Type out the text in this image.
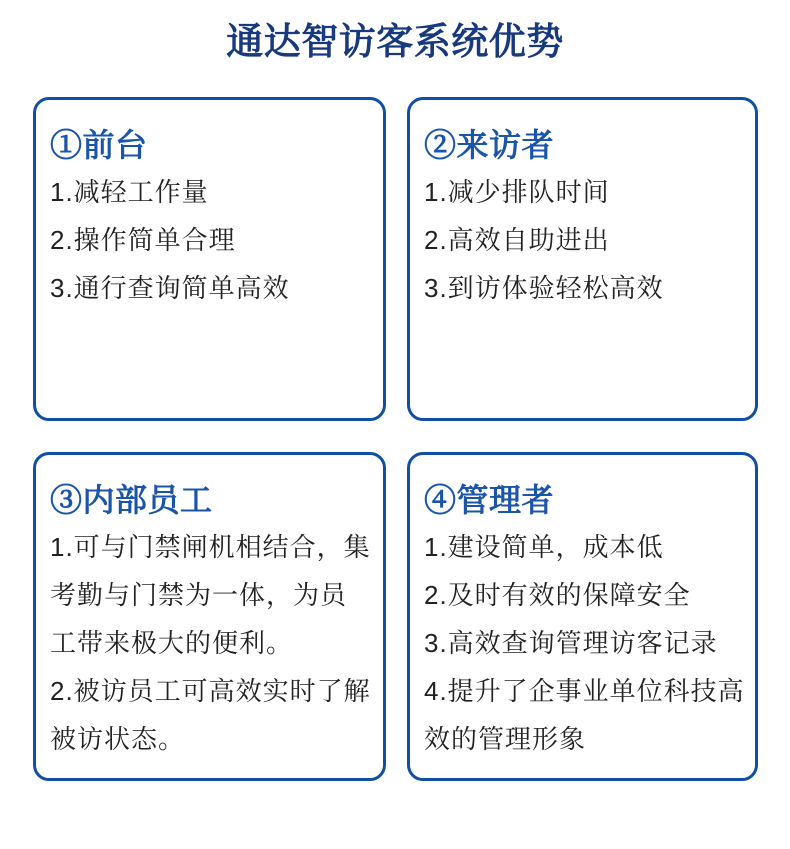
通达智访客系统优势
①前台
1.减轻工作量
2.操作简单合理
3.通行查询简单高效
②来访者
1.减少排队时间
2.高效自助进出
3.到访体验轻松高效
③内部员工
1.可与门禁闸机相结合，集考勤与门禁为一体，为员工带来极大的便利。
2.被访员工可高效实时了解被访状态。
④管理者
1.建设简单，成本低
2.及时有效的保障安全
3.高效查询管理访客记录
4.提升了企事业单位科技高效的管理形象
